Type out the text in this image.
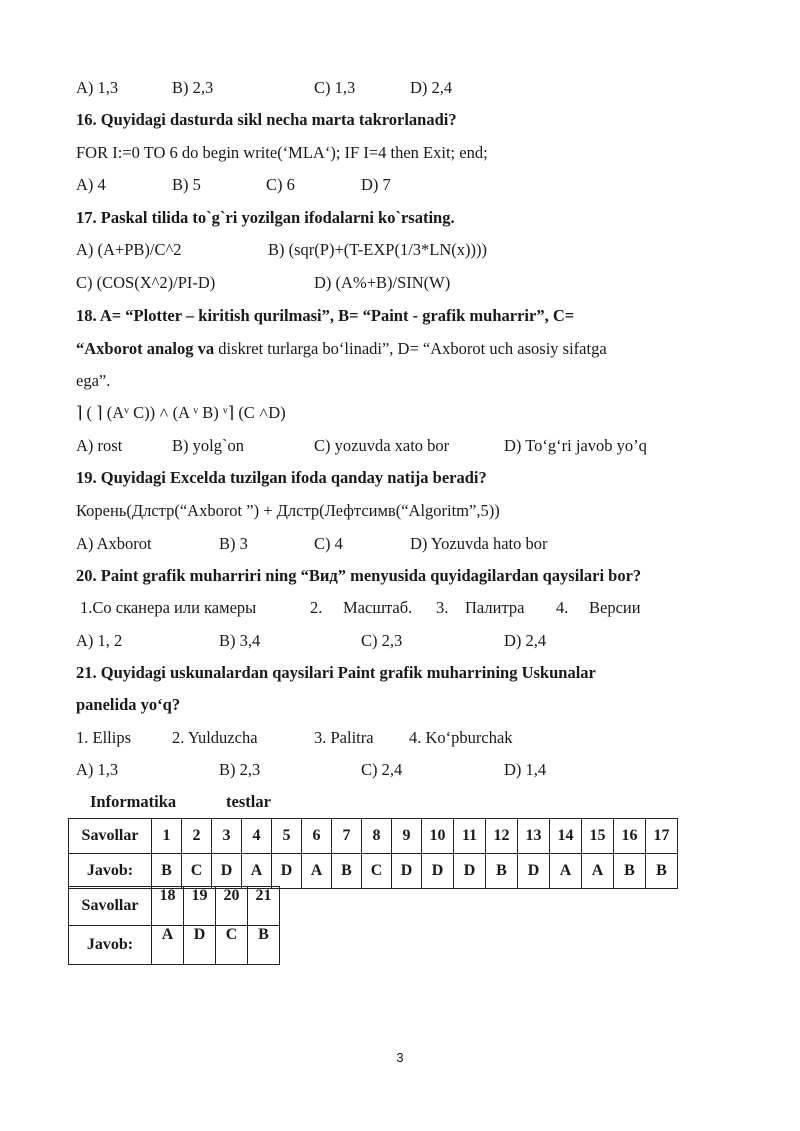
A) 1,3	B) 2,3	C) 1,3	D) 2,4
16. Quyidagi dasturda sikl necha marta takrorlanadi?
FOR I:=0 TO 6 do begin write(‘MLA‘); IF I=4 then Exit; end;
A) 4	B) 5	C) 6	D) 7
17. Paskal tilida to`g`ri yozilgan ifodalarni ko`rsating.
A) (A+PB)/C^2	B) (sqr(P)+(T-EXP(1/3*LN(x))))
C) (COS(X^2)/PI-D)	D) (A%+B)/SIN(W)
18. A= “Plotter – kiritish qurilmasi”, B= “Paint - grafik muharrir”, C=
“Axborot analog va diskret turlarga bo‘linadi”, D= “Axborot uch asosiy sifatga
ega”.
⌉ ( ⌉ (Aᵛ C)) ˄ (A ᵛ B) ᵛ⌉ (C ˄D)
A) rost	B) yolg`on	C) yozuvda xato bor	D) To‘g‘ri javob yo’q
19. Quyidagi Excelda tuzilgan ifoda qanday natija beradi?
Корень(Длстр(“Axborot ”) + Длстр(Лефтсимв(“Algoritm”,5))
A) Axborot	B) 3	C) 4	D) Yozuvda hato bor
20. Paint grafik muharriri ning “Вид” menyusida quyidagilardan qaysilari bor?
1.Со сканера или камеры	2. Масштаб. 3. Палитра 4. Версии
A) 1, 2	B) 3,4	C) 2,3	D) 2,4
21. Quyidagi uskunalardan qaysilari Paint grafik muharrining Uskunalar
panelida yo‘q?
1. Ellips 2. Yulduzcha	3. Palitra 4. Ko‘pburchak
A) 1,3	B) 2,3	C) 2,4	D) 1,4
Informatika	testlar
Savollar	1	2	3	4	5	6	7	8	9	10	11	12	13	14	15	16	17
Javob:	B	C	D	A	D	A	B	C	D	D	D	B	D	A	A	B	B
Savollar	18	19	20	21
Javob:	A	D	C	B
3
